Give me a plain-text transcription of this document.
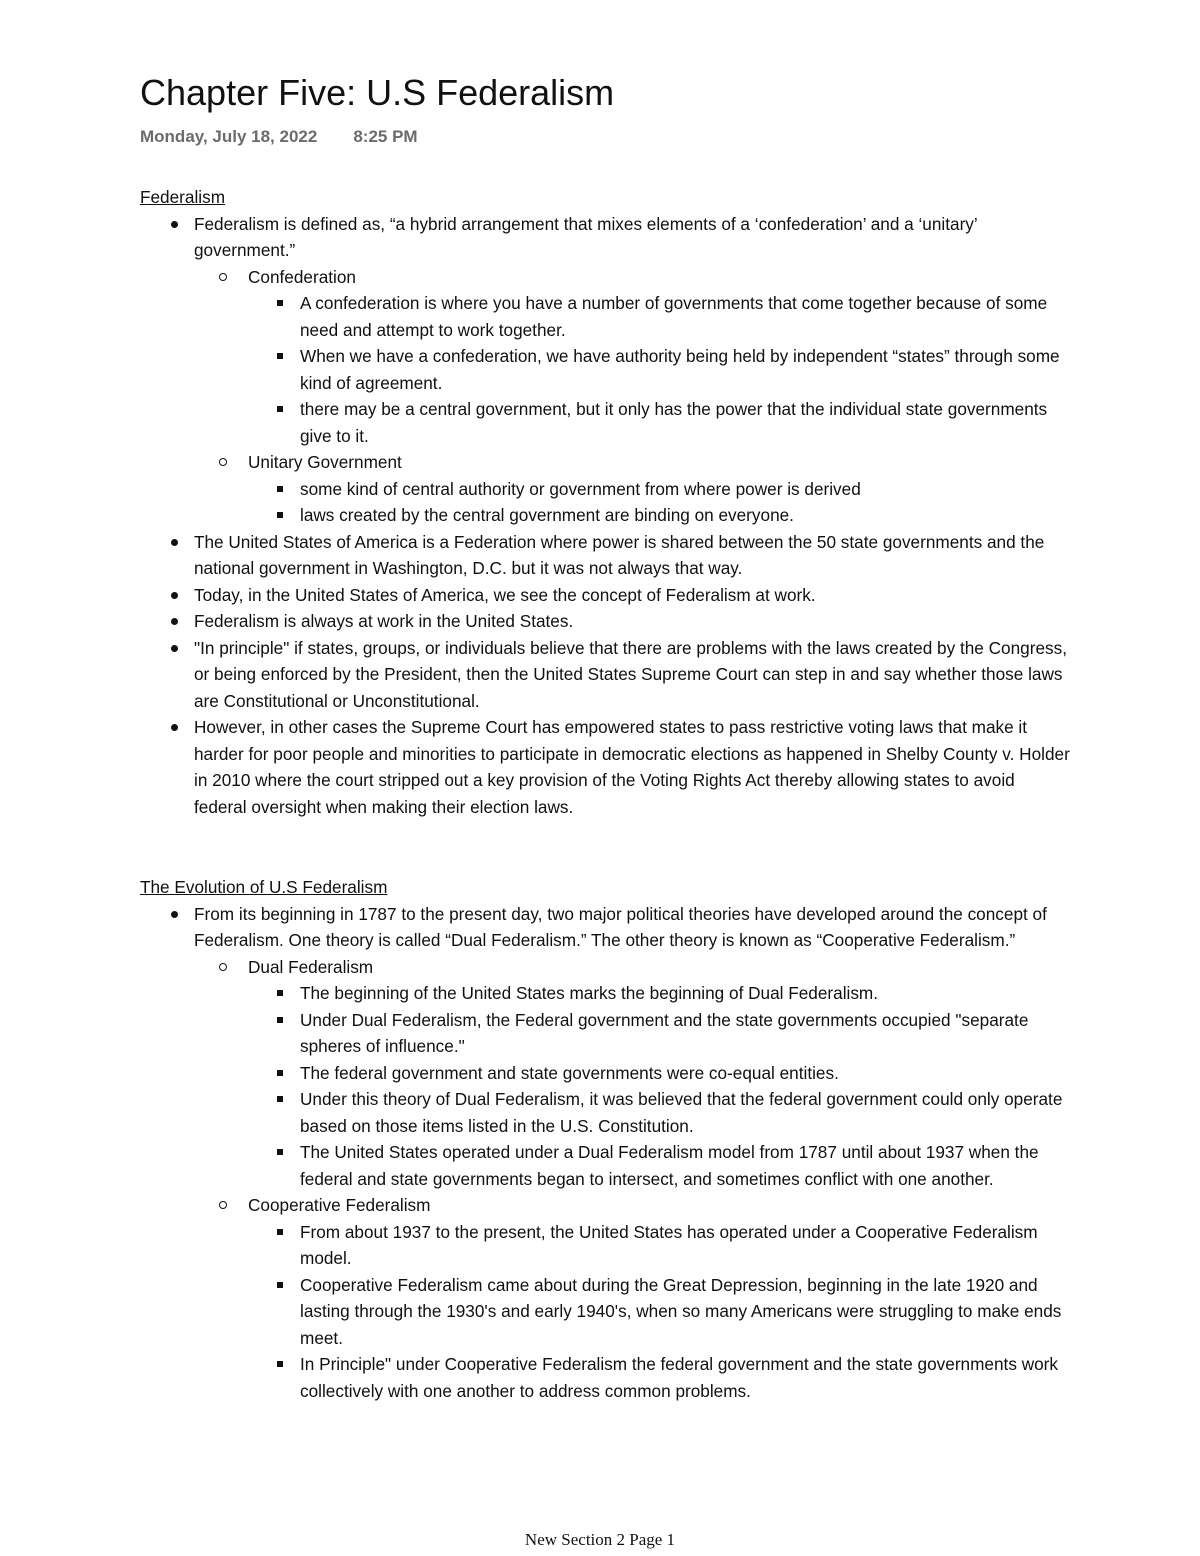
Chapter Five: U.S Federalism
Monday, July 18, 2022 8:25 PM
Federalism
Federalism is defined as, “a hybrid arrangement that mixes elements of a ‘confederation’ and a ‘unitary’ government.”
Confederation
A confederation is where you have a number of governments that come together because of some need and attempt to work together.
When we have a confederation, we have authority being held by independent “states” through some kind of agreement.
there may be a central government, but it only has the power that the individual state governments give to it.
Unitary Government
some kind of central authority or government from where power is derived
laws created by the central government are binding on everyone.
The United States of America is a Federation where power is shared between the 50 state governments and the national government in Washington, D.C. but it was not always that way.
Today, in the United States of America, we see the concept of Federalism at work.
Federalism is always at work in the United States.
"In principle" if states, groups, or individuals believe that there are problems with the laws created by the Congress, or being enforced by the President, then the United States Supreme Court can step in and say whether those laws are Constitutional or Unconstitutional.
However, in other cases the Supreme Court has empowered states to pass restrictive voting laws that make it harder for poor people and minorities to participate in democratic elections as happened in Shelby County v. Holder in 2010 where the court stripped out a key provision of the Voting Rights Act thereby allowing states to avoid federal oversight when making their election laws.
The Evolution of U.S Federalism
From its beginning in 1787 to the present day, two major political theories have developed around the concept of Federalism. One theory is called “Dual Federalism.” The other theory is known as “Cooperative Federalism.”
Dual Federalism
The beginning of the United States marks the beginning of Dual Federalism.
Under Dual Federalism, the Federal government and the state governments occupied "separate spheres of influence."
The federal government and state governments were co-equal entities.
Under this theory of Dual Federalism, it was believed that the federal government could only operate based on those items listed in the U.S. Constitution.
The United States operated under a Dual Federalism model from 1787 until about 1937 when the federal and state governments began to intersect, and sometimes conflict with one another.
Cooperative Federalism
From about 1937 to the present, the United States has operated under a Cooperative Federalism model.
Cooperative Federalism came about during the Great Depression, beginning in the late 1920 and lasting through the 1930's and early 1940's, when so many Americans were struggling to make ends meet.
In Principle" under Cooperative Federalism the federal government and the state governments work collectively with one another to address common problems.
New Section 2 Page 1
